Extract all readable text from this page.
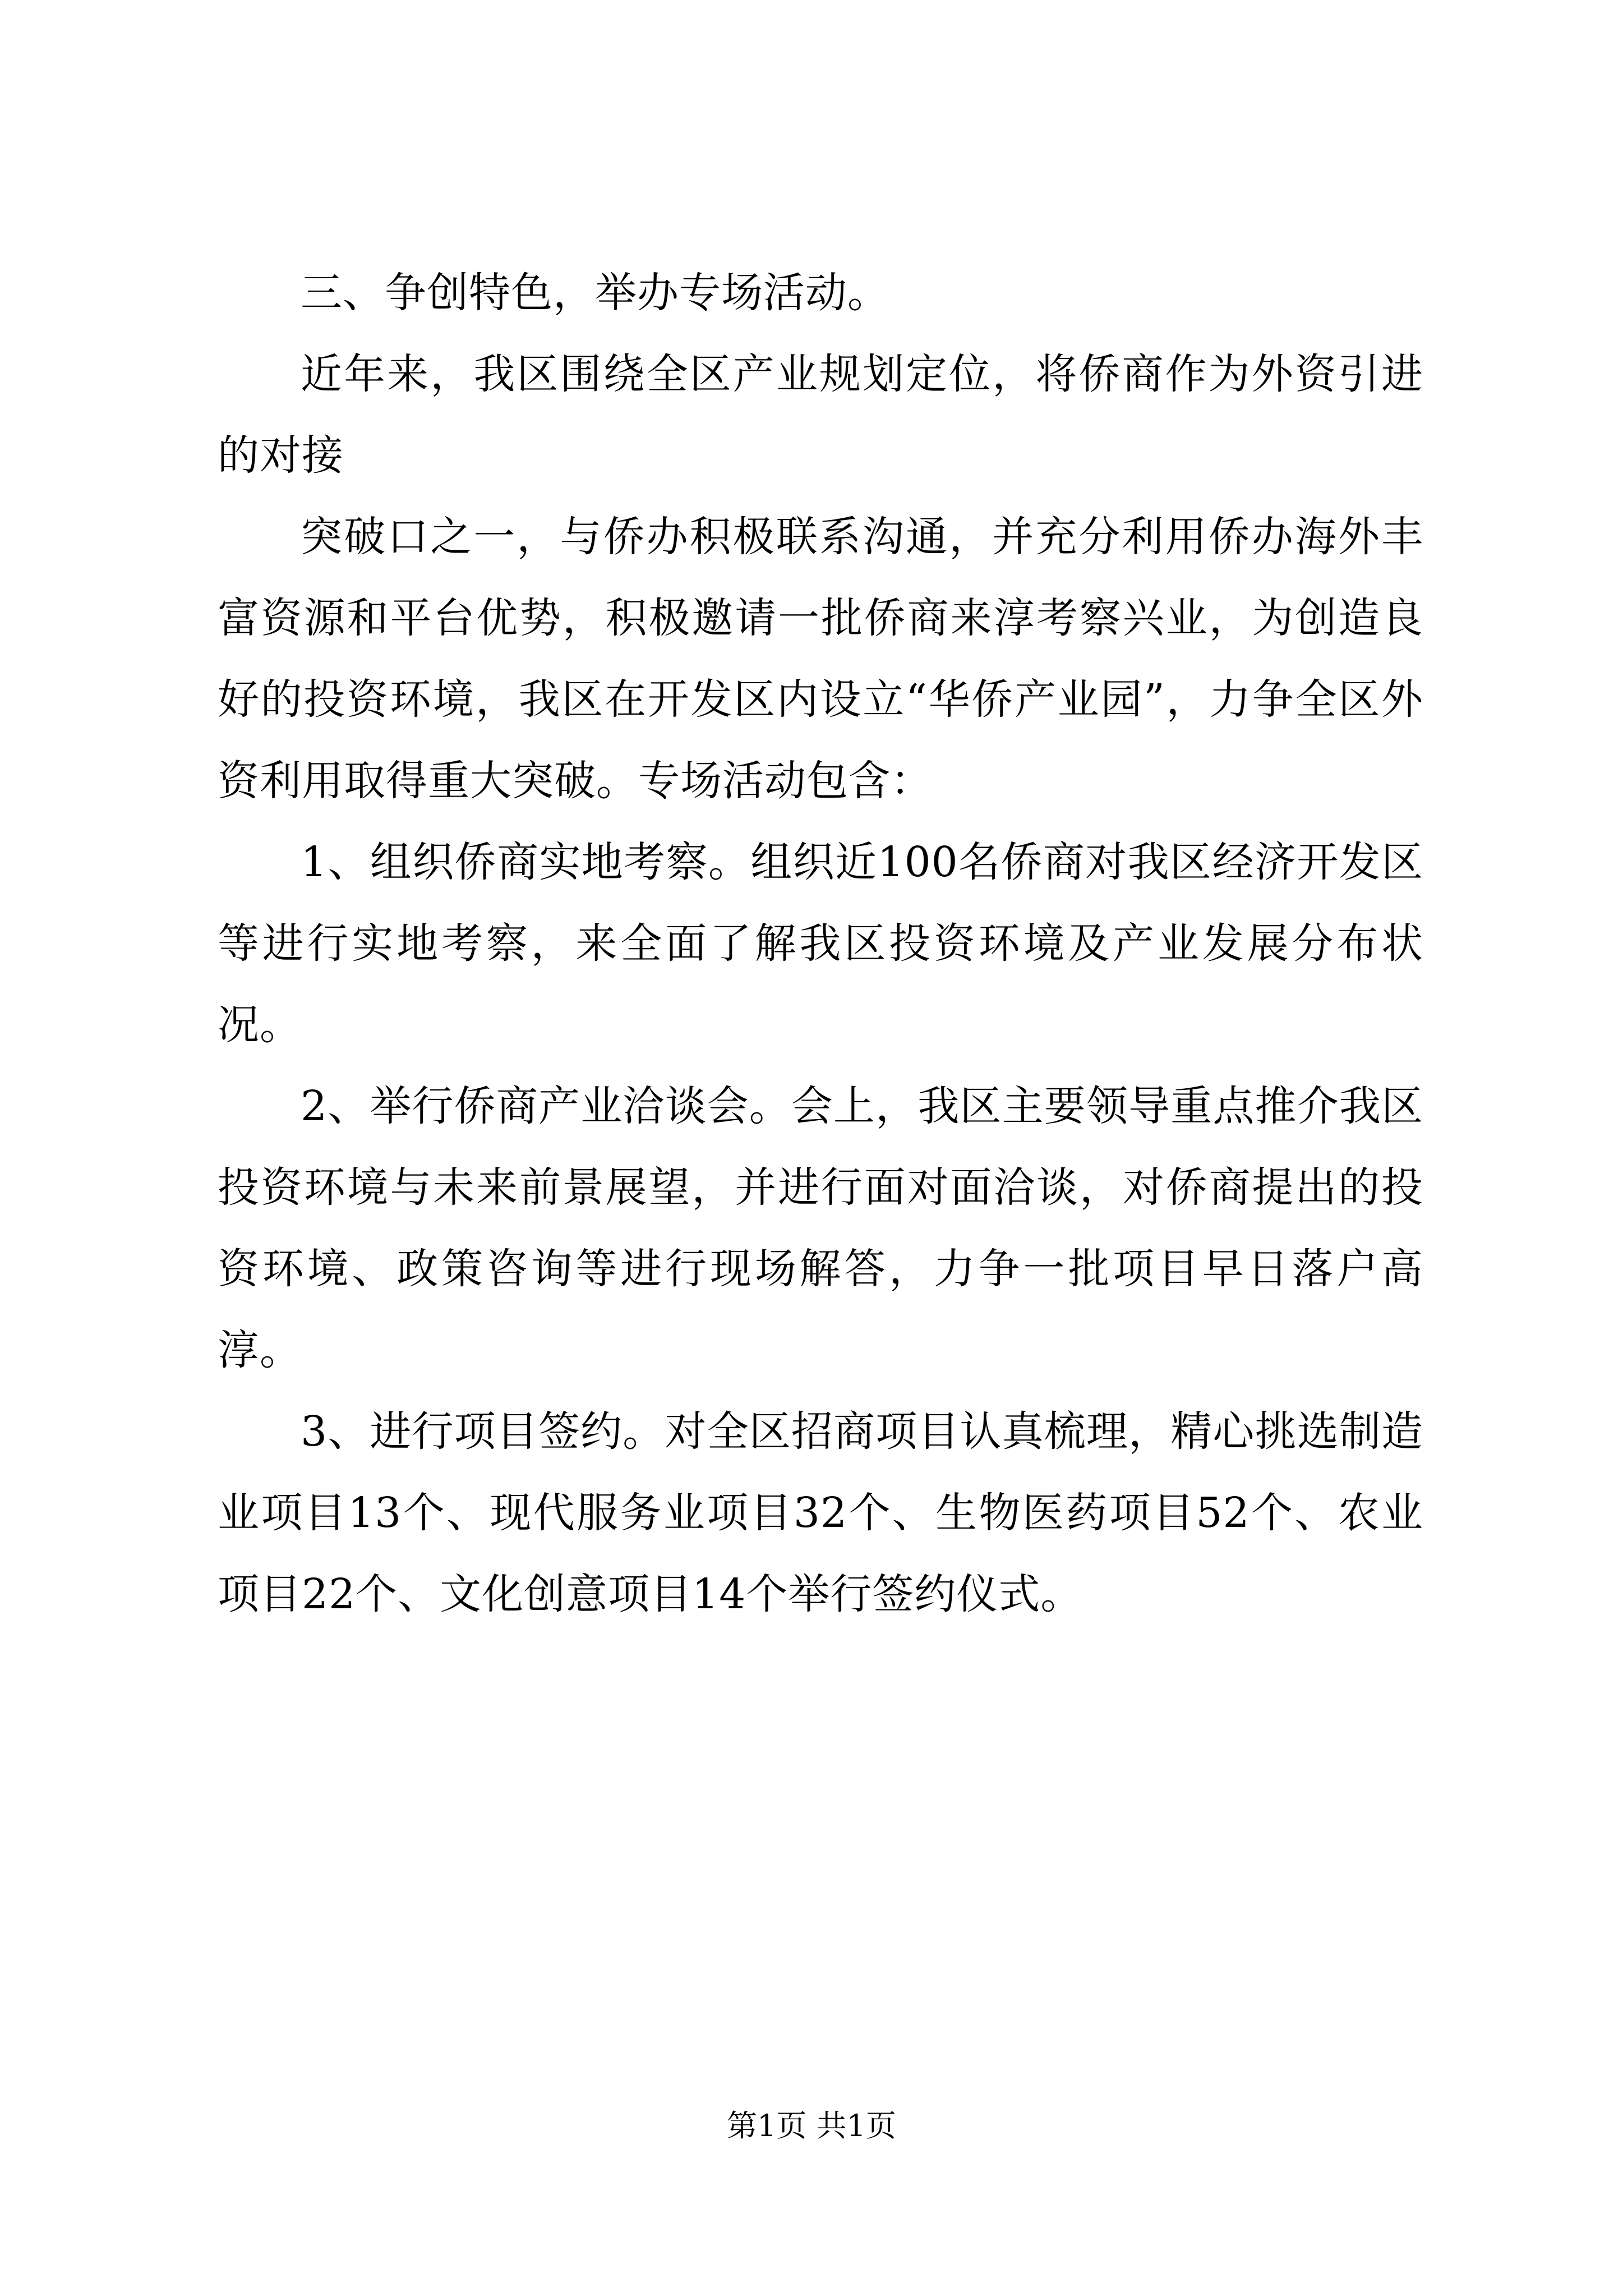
三、争创特色，举办专场活动。

近年来，我区围绕全区产业规划定位，将侨商作为外资引进的对接

突破口之一，与侨办积极联系沟通，并充分利用侨办海外丰富资源和平台优势，积极邀请一批侨商来淳考察兴业，为创造良好的投资环境，我区在开发区内设立“华侨产业园”，力争全区外资利用取得重大突破。专场活动包含：

1、组织侨商实地考察。组织近100名侨商对我区经济开发区等进行实地考察，来全面了解我区投资环境及产业发展分布状况。

2、举行侨商产业洽谈会。会上，我区主要领导重点推介我区投资环境与未来前景展望，并进行面对面洽谈，对侨商提出的投资环境、政策咨询等进行现场解答，力争一批项目早日落户高淳。

3、进行项目签约。对全区招商项目认真梳理，精心挑选制造业项目13个、现代服务业项目32个、生物医药项目52个、农业项目22个、文化创意项目14个举行签约仪式。

第1页 共1页
